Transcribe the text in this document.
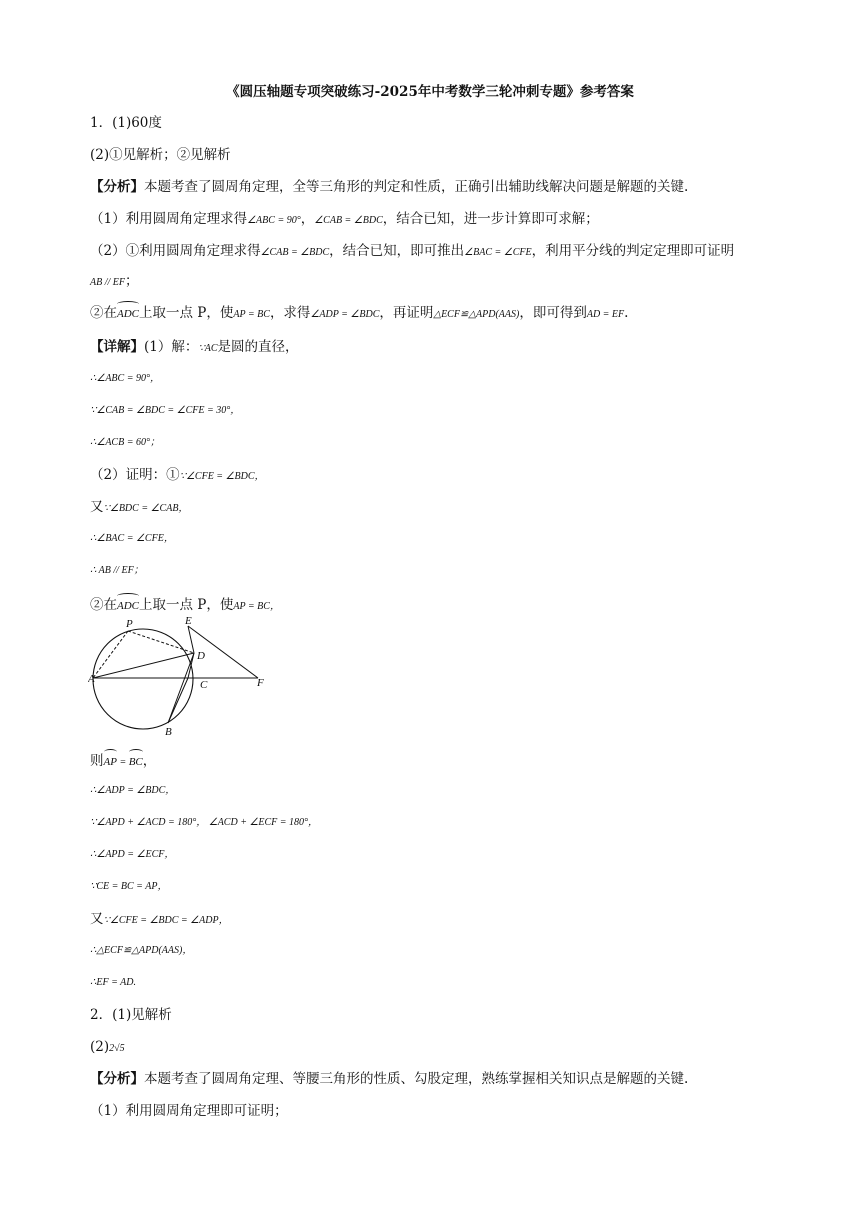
《圆压轴题专项突破练习-2025年中考数学三轮冲刺专题》参考答案
1．(1)60度
(2)①见解析；②见解析
【分析】本题考查了圆周角定理，全等三角形的判定和性质，正确引出辅助线解决问题是解题的关键.
（1）利用圆周角定理求得∠ABC = 90°，∠CAB = ∠BDC，结合已知，进一步计算即可求解；
（2）①利用圆周角定理求得∠CAB = ∠BDC，结合已知，即可推出∠BAC = ∠CFE，利用平分线的判定定理即可证明
AB // EF；
②在ADC上取一点 P，使AP = BC，求得∠ADP = ∠BDC，再证明△ECF≌△APD(AAS)，即可得到AD = EF.
【详解】(1）解：∵AC是圆的直径，
∴∠ABC = 90°，
∵∠CAB = ∠BDC = ∠CFE = 30°，
∴∠ACB = 60°；
（2）证明：①∵∠CFE = ∠BDC，
又∵∠BDC = ∠CAB，
∴∠BAC = ∠CFE，
∴ AB // EF；
②在ADC上取一点 P，使AP = BC，
P	E
D
A	C	F
B
则AP = BC，
∴∠ADP = ∠BDC，
∵∠APD + ∠ACD = 180°， ∠ACD + ∠ECF = 180°，
∴∠APD = ∠ECF，
∵CE = BC = AP，
又∵∠CFE = ∠BDC = ∠ADP，
∴△ECF≌△APD(AAS)，
∴EF = AD.
2．(1)见解析
(2)2√5
【分析】本题考查了圆周角定理、等腰三角形的性质、勾股定理，熟练掌握相关知识点是解题的关键.
（1）利用圆周角定理即可证明；
